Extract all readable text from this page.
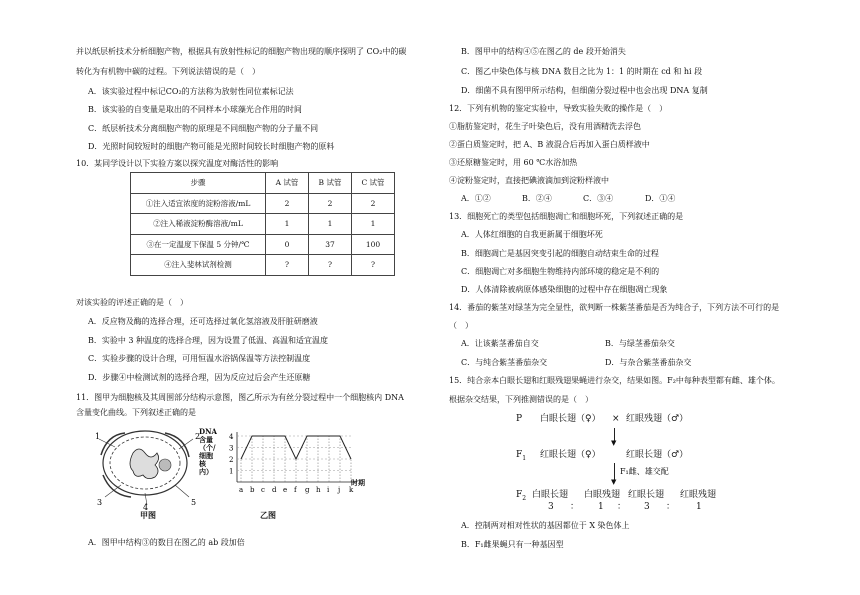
并以纸层析技术分析细胞产物，根据具有放射性标记的细胞产物出现的顺序探明了 CO₂中的碳
转化为有机物中碳的过程。下列说法错误的是（　）
A．该实验过程中标记CO₂的方法称为放射性同位素标记法
B．该实验的自变量是取出的不同样本小球藻光合作用的时间
C．纸层析技术分离细胞产物的原理是不同细胞产物的分子量不同
D．光照时间较短时的细胞产物可能是光照时间较长时细胞产物的原料
10．某同学设计以下实验方案以探究温度对酶活性的影响
步骤	A 试管	B 试管	C 试管
①注入适宜浓度的淀粉溶液/mL	2	2	2
②注入稀液淀粉酶溶液/mL	1	1	1
③在一定温度下保温 5 分钟/℃	0	37	100
④注入斐林试剂检测	?	?	?
对该实验的评述正确的是（　）
A．反应物及酶的选择合理，还可选择过氧化氢溶液及肝脏研磨液
B．实验中 3 种温度的选择合理，因为设置了低温、高温和适宜温度
C．实验步骤的设计合理，可用恒温水浴锅保温等方法控制温度
D．步骤④中检测试剂的选择合理，因为反应过后会产生还原糖
11．图甲为细胞核及其周围部分结构示意图，图乙所示为有丝分裂过程中一个细胞核内 DNA
含量变化曲线。下列叙述正确的是
1	2
3
4
5
甲图
DNA含量（个/细胞核内）
4
3
2
1
a b c d e f g h i j k
时期
乙图
A．图甲中结构③的数目在图乙的 ab 段加倍
B．图甲中的结构④⑤在图乙的 de 段开始消失
C．图乙中染色体与核 DNA 数目之比为 1：1 的时期在 cd 和 hi 段
D．细菌不具有图甲所示结构，但细菌分裂过程中也会出现 DNA 复制
12．下列有机物的鉴定实验中，导致实验失败的操作是（　）
①脂肪鉴定时，花生子叶染色后，没有用酒精洗去浮色
②蛋白质鉴定时，把 A、B 液混合后再加入蛋白质样液中
③还原糖鉴定时，用 60 ℃水浴加热
④淀粉鉴定时，直接把碘液滴加到淀粉样液中
A．①②	B．②④	C．③④	D．①④
13．细胞死亡的类型包括细胞凋亡和细胞坏死，下列叙述正确的是
A．人体红细胞的自我更新属于细胞坏死
B．细胞凋亡是基因突变引起的细胞自动结束生命的过程
C．细胞凋亡对多细胞生物维持内部环境的稳定是不利的
D．人体清除被病原体感染细胞的过程中存在细胞凋亡现象
14．番茄的紫茎对绿茎为完全显性，欲判断一株紫茎番茄是否为纯合子，下列方法不可行的是
（　）
A．让该紫茎番茄自交	B．与绿茎番茄杂交
C．与纯合紫茎番茄杂交	D．与杂合紫茎番茄杂交
15．纯合亲本白眼长翅和红眼残翅果蝇进行杂交，结果如图。F₂中每种表型都有雌、雄个体。
根据杂交结果，下列推测错误的是（　）
P 白眼长翅（♀） × 红眼残翅（♂）
▼
$F_1$ 红眼长翅（♀）	红眼长翅（♂）
▼
F₁雌、雄交配
$F_2$ 白眼长翅 白眼残翅 红眼长翅 红眼残翅
3 ： 1 ： 3 ： 1
A．控制两对相对性状的基因都位于 X 染色体上
B．F₁雌果蝇只有一种基因型
